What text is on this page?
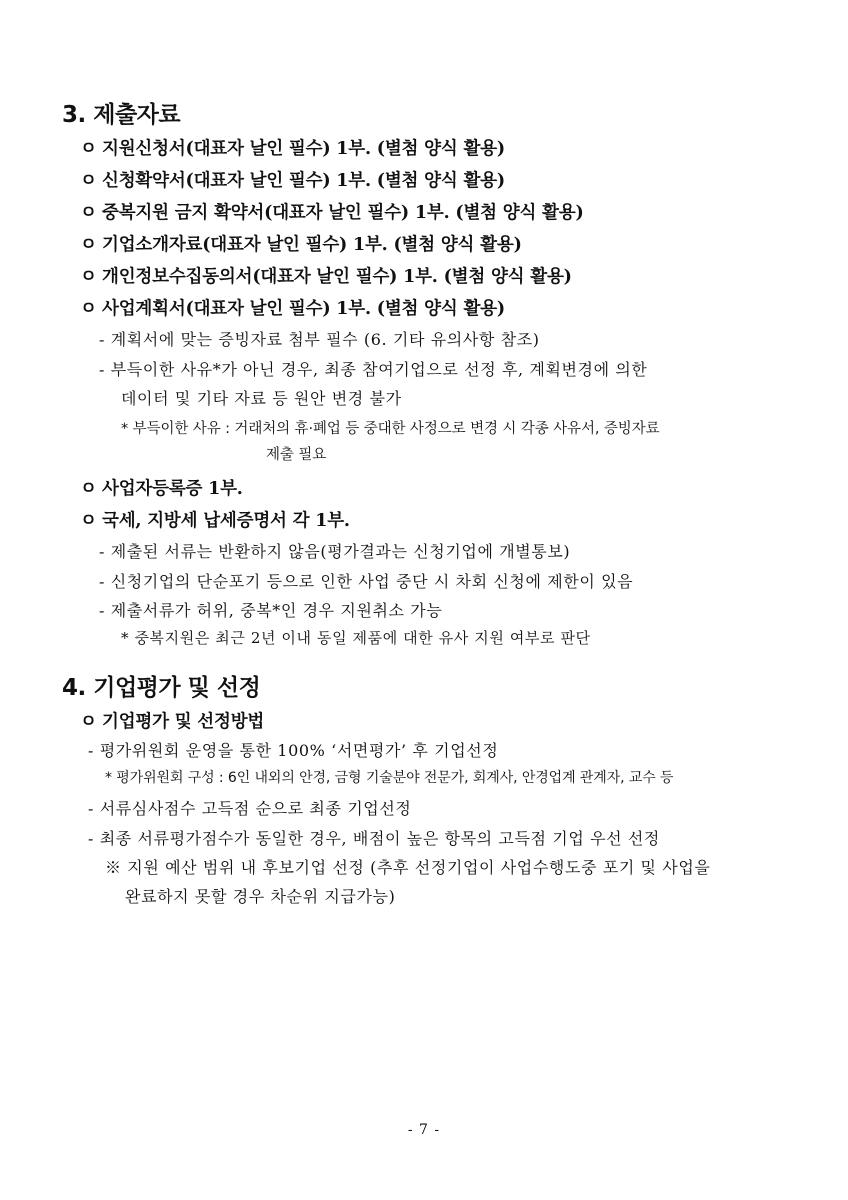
3. 제출자료
ㅇ 지원신청서(대표자 날인 필수) 1부. (별첨 양식 활용)
ㅇ 신청확약서(대표자 날인 필수) 1부. (별첨 양식 활용)
ㅇ 중복지원 금지 확약서(대표자 날인 필수) 1부. (별첨 양식 활용)
ㅇ 기업소개자료(대표자 날인 필수) 1부. (별첨 양식 활용)
ㅇ 개인정보수집동의서(대표자 날인 필수) 1부. (별첨 양식 활용)
ㅇ 사업계획서(대표자 날인 필수) 1부. (별첨 양식 활용)
- 계획서에 맞는 증빙자료 첨부 필수 (6. 기타 유의사항 참조)
- 부득이한 사유*가 아닌 경우, 최종 참여기업으로 선정 후, 계획변경에 의한
데이터 및 기타 자료 등 원안 변경 불가
* 부득이한 사유 : 거래처의 휴·폐업 등 중대한 사정으로 변경 시 각종 사유서, 증빙자료
제출 필요
ㅇ 사업자등록증 1부.
ㅇ 국세, 지방세 납세증명서 각 1부.
- 제출된 서류는 반환하지 않음(평가결과는 신청기업에 개별통보)
- 신청기업의 단순포기 등으로 인한 사업 중단 시 차회 신청에 제한이 있음
- 제출서류가 허위, 중복*인 경우 지원취소 가능
* 중복지원은 최근 2년 이내 동일 제품에 대한 유사 지원 여부로 판단
4. 기업평가 및 선정
ㅇ 기업평가 및 선정방법
- 평가위원회 운영을 통한 100% ‘서면평가’ 후 기업선정
* 평가위원회 구성 : 6인 내외의 안경, 금형 기술분야 전문가, 회계사, 안경업계 관계자, 교수 등
- 서류심사점수 고득점 순으로 최종 기업선정
- 최종 서류평가점수가 동일한 경우, 배점이 높은 항목의 고득점 기업 우선 선정
※ 지원 예산 범위 내 후보기업 선정 (추후 선정기업이 사업수행도중 포기 및 사업을
완료하지 못할 경우 차순위 지급가능)
- 7 -
